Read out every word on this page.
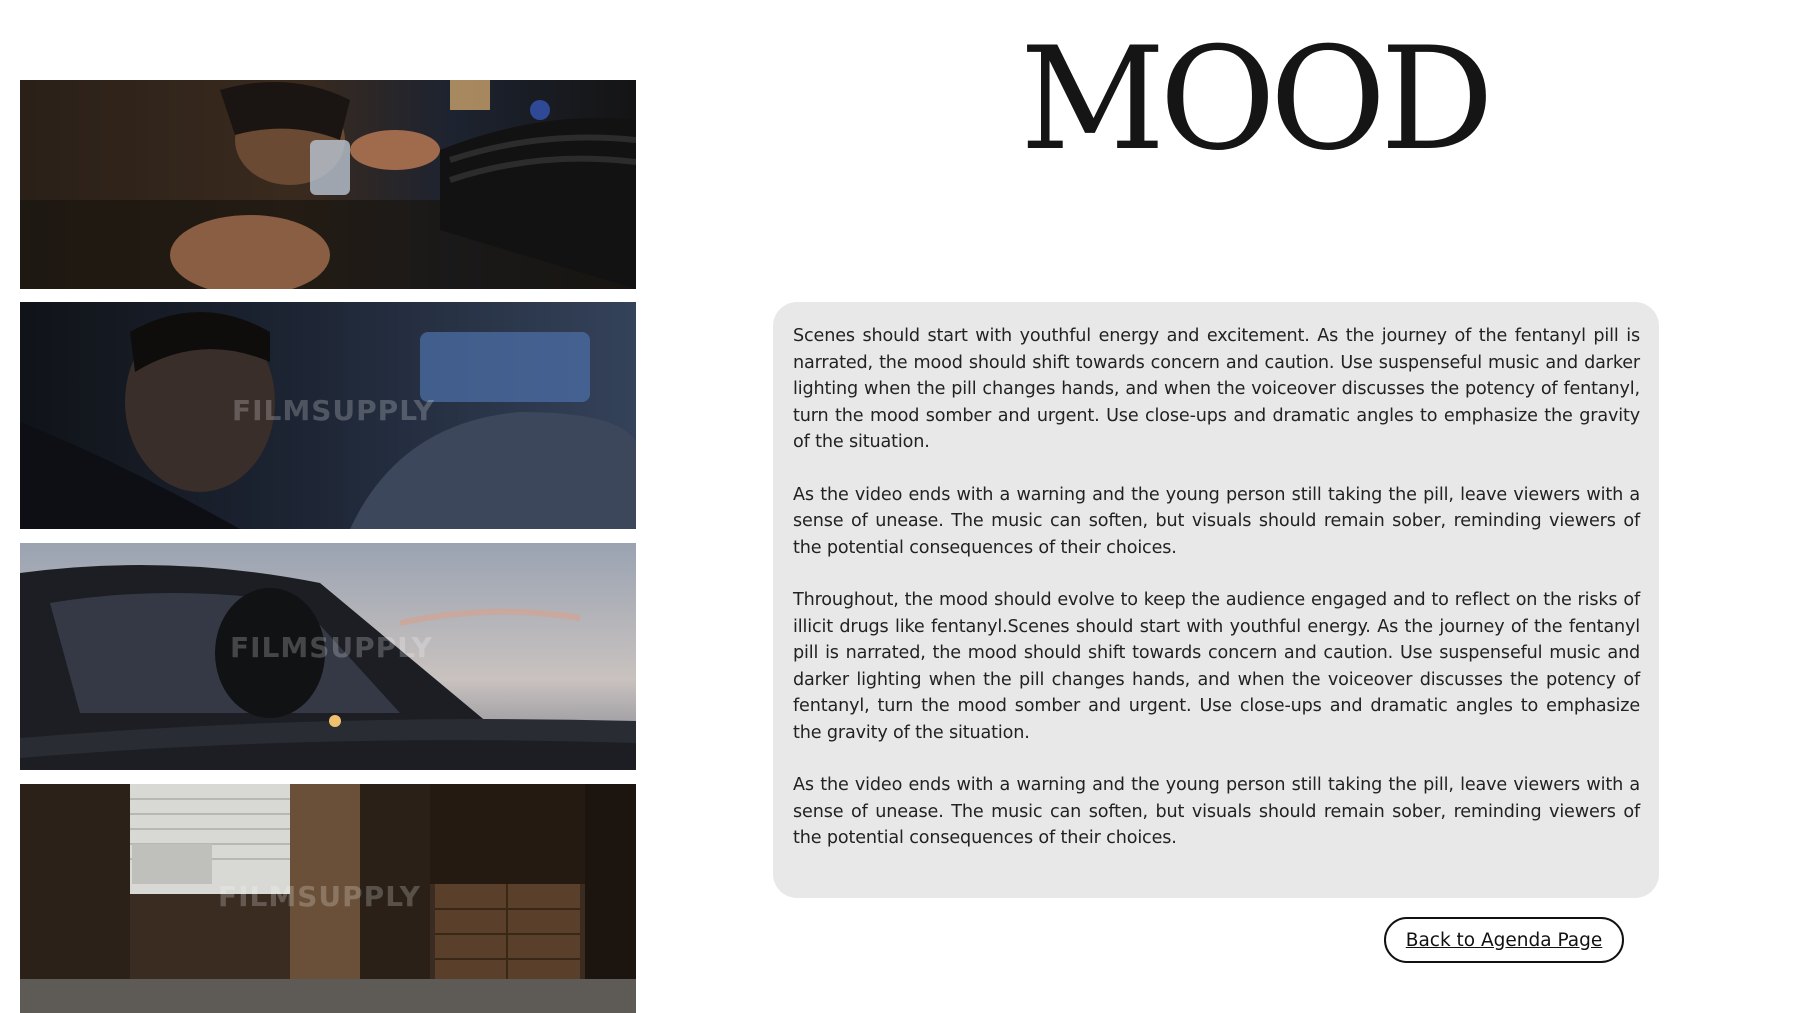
FILMSUPPLY
FILMSUPPLY
FILMSUPPLY
MOOD

Scenes should start with youthful energy and excitement. As the journey of the fentanyl pill is narrated, the mood should shift towards concern and caution. Use suspenseful music and darker lighting when the pill changes hands, and when the voiceover discusses the potency of fentanyl, turn the mood somber and urgent. Use close-ups and dramatic angles to emphasize the gravity of the situation.

As the video ends with a warning and the young person still taking the pill, leave viewers with a sense of unease. The music can soften, but visuals should remain sober, reminding viewers of the potential consequences of their choices.

Throughout, the mood should evolve to keep the audience engaged and to reflect on the risks of illicit drugs like fentanyl.Scenes should start with youthful energy. As the journey of the fentanyl pill is narrated, the mood should shift towards concern and caution. Use suspenseful music and darker lighting when the pill changes hands, and when the voiceover discusses the potency of fentanyl, turn the mood somber and urgent. Use close-ups and dramatic angles to emphasize the gravity of the situation.

As the video ends with a warning and the young person still taking the pill, leave viewers with a sense of unease. The music can soften, but visuals should remain sober, reminding viewers of the potential consequences of their choices.

Back to Agenda Page
